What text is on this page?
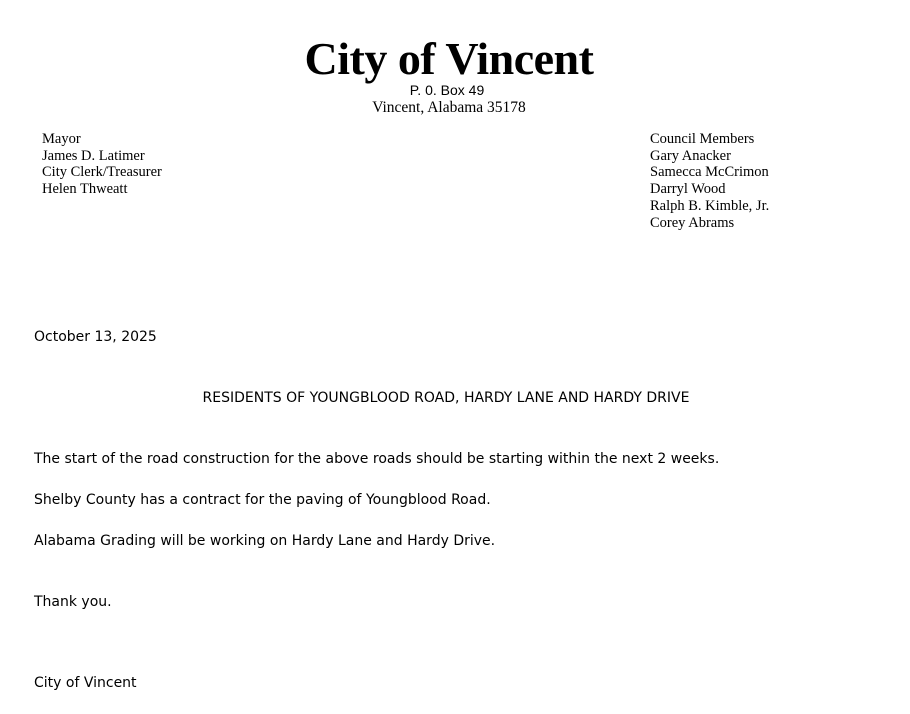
City of Vincent
P. 0. Box 49
Vincent, Alabama 35178
Mayor
James D. Latimer
City Clerk/Treasurer
Helen Thweatt
Council Members
Gary Anacker
Samecca McCrimon
Darryl Wood
Ralph B. Kimble, Jr.
Corey Abrams
October 13, 2025
RESIDENTS OF YOUNGBLOOD ROAD, HARDY LANE AND HARDY DRIVE
The start of the road construction for the above roads should be starting within the next 2 weeks.
Shelby County has a contract for the paving of Youngblood Road.
Alabama Grading will be working on Hardy Lane and Hardy Drive.
Thank you.
City of Vincent
